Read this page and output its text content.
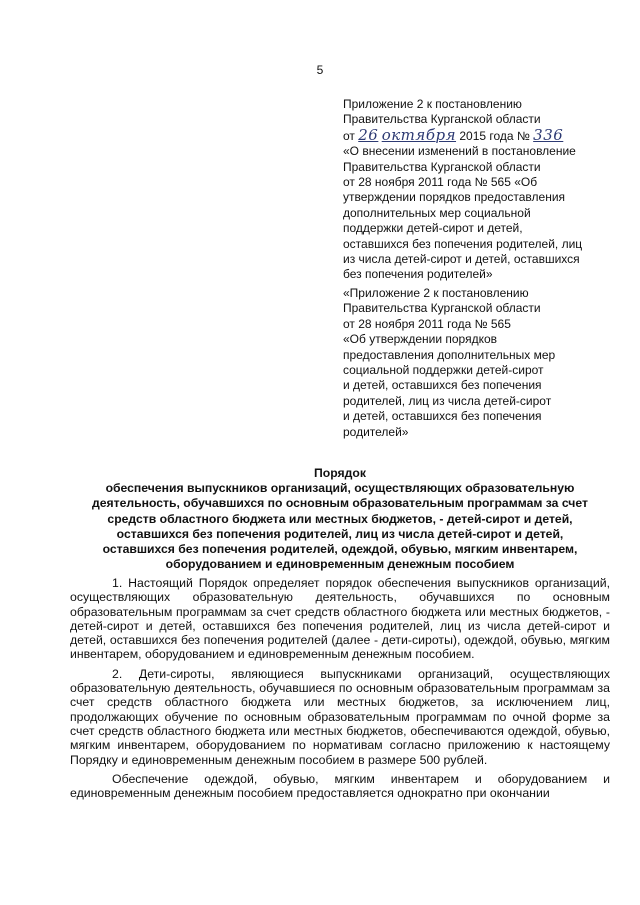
5
Приложение 2 к постановлению
Правительства Курганской области
от 26 октября 2015 года № 336
«О внесении изменений в постановление
Правительства Курганской области
от 28 ноября 2011 года № 565 «Об
утверждении порядков предоставления
дополнительных мер социальной
поддержки детей-сирот и детей,
оставшихся без попечения родителей, лиц
из числа детей-сирот и детей, оставшихся
без попечения родителей»
«Приложение 2 к постановлению
Правительства Курганской области
от 28 ноября 2011 года № 565
«Об утверждении порядков
предоставления дополнительных мер
социальной поддержки детей-сирот
и детей, оставшихся без попечения
родителей, лиц из числа детей-сирот
и детей, оставшихся без попечения
родителей»
Порядок
обеспечения выпускников организаций, осуществляющих образовательную
деятельность, обучавшихся по основным образовательным программам за счет
средств областного бюджета или местных бюджетов, - детей-сирот и детей,
оставшихся без попечения родителей, лиц из числа детей-сирот и детей,
оставшихся без попечения родителей, одеждой, обувью, мягким инвентарем,
оборудованием и единовременным денежным пособием

1. Настоящий Порядок определяет порядок обеспечения выпускников организаций, осуществляющих образовательную деятельность, обучавшихся по основным образовательным программам за счет средств областного бюджета или местных бюджетов, - детей-сирот и детей, оставшихся без попечения родителей, лиц из числа детей-сирот и детей, оставшихся без попечения родителей (далее - дети-сироты), одеждой, обувью, мягким инвентарем, оборудованием и единовременным денежным пособием.

2. Дети-сироты, являющиеся выпускниками организаций, осуществляющих образовательную деятельность, обучавшиеся по основным образовательным программам за счет средств областного бюджета или местных бюджетов, за исключением лиц, продолжающих обучение по основным образовательным программам по очной форме за счет средств областного бюджета или местных бюджетов, обеспечиваются одеждой, обувью, мягким инвентарем, оборудованием по нормативам согласно приложению к настоящему Порядку и единовременным денежным пособием в размере 500 рублей.

Обеспечение одеждой, обувью, мягким инвентарем и оборудованием и единовременным денежным пособием предоставляется однократно при окончании
